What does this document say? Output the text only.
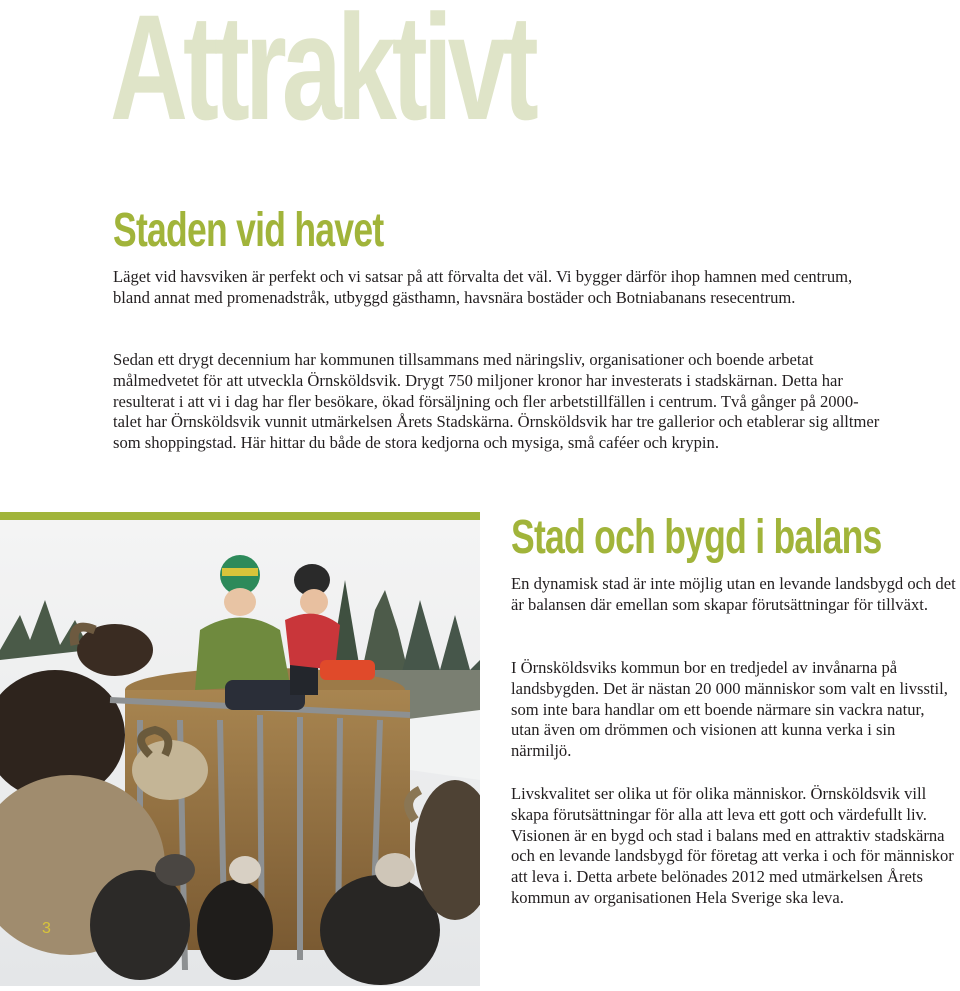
Attraktivt
Staden vid havet

Läget vid havsviken är perfekt och vi satsar på att förvalta det väl. Vi bygger därför ihop hamnen med centrum, bland annat med promenadstråk, utbyggd gästhamn, havsnära bostäder och Botniabanans resecentrum.

Sedan ett drygt decennium har kommunen tillsammans med näringsliv, organisationer och boende arbetat målmedvetet för att utveckla Örnsköldsvik. Drygt 750 miljoner kronor har investerats i stadskärnan. Detta har resulterat i att vi i dag har fler besökare, ökad försäljning och fler arbetstillfällen i centrum. Två gånger på 2000-talet har Örnsköldsvik vunnit utmärkelsen Årets Stadskärna. Örnsköldsvik har tre gallerior och etablerar sig alltmer som shoppingstad. Här hittar du både de stora kedjorna och mysiga, små caféer och krypin.

3
Stad och bygd i balans

En dynamisk stad är inte möjlig utan en levande landsbygd och det är balansen där emellan som skapar förutsättningar för tillväxt.

I Örnsköldsviks kommun bor en tredjedel av invånarna på landsbygden. Det är nästan 20 000 människor som valt en livsstil, som inte bara handlar om ett boende närmare sin vackra natur, utan även om drömmen och visionen att kunna verka i sin närmiljö.

Livskvalitet ser olika ut för olika människor. Örnsköldsvik vill skapa förutsättningar för alla att leva ett gott och värdefullt liv. Visionen är en bygd och stad i balans med en attraktiv stadskärna och en levande landsbygd för företag att verka i och för människor att leva i. Detta arbete belönades 2012 med utmärkelsen Årets kommun av organisationen Hela Sverige ska leva.
